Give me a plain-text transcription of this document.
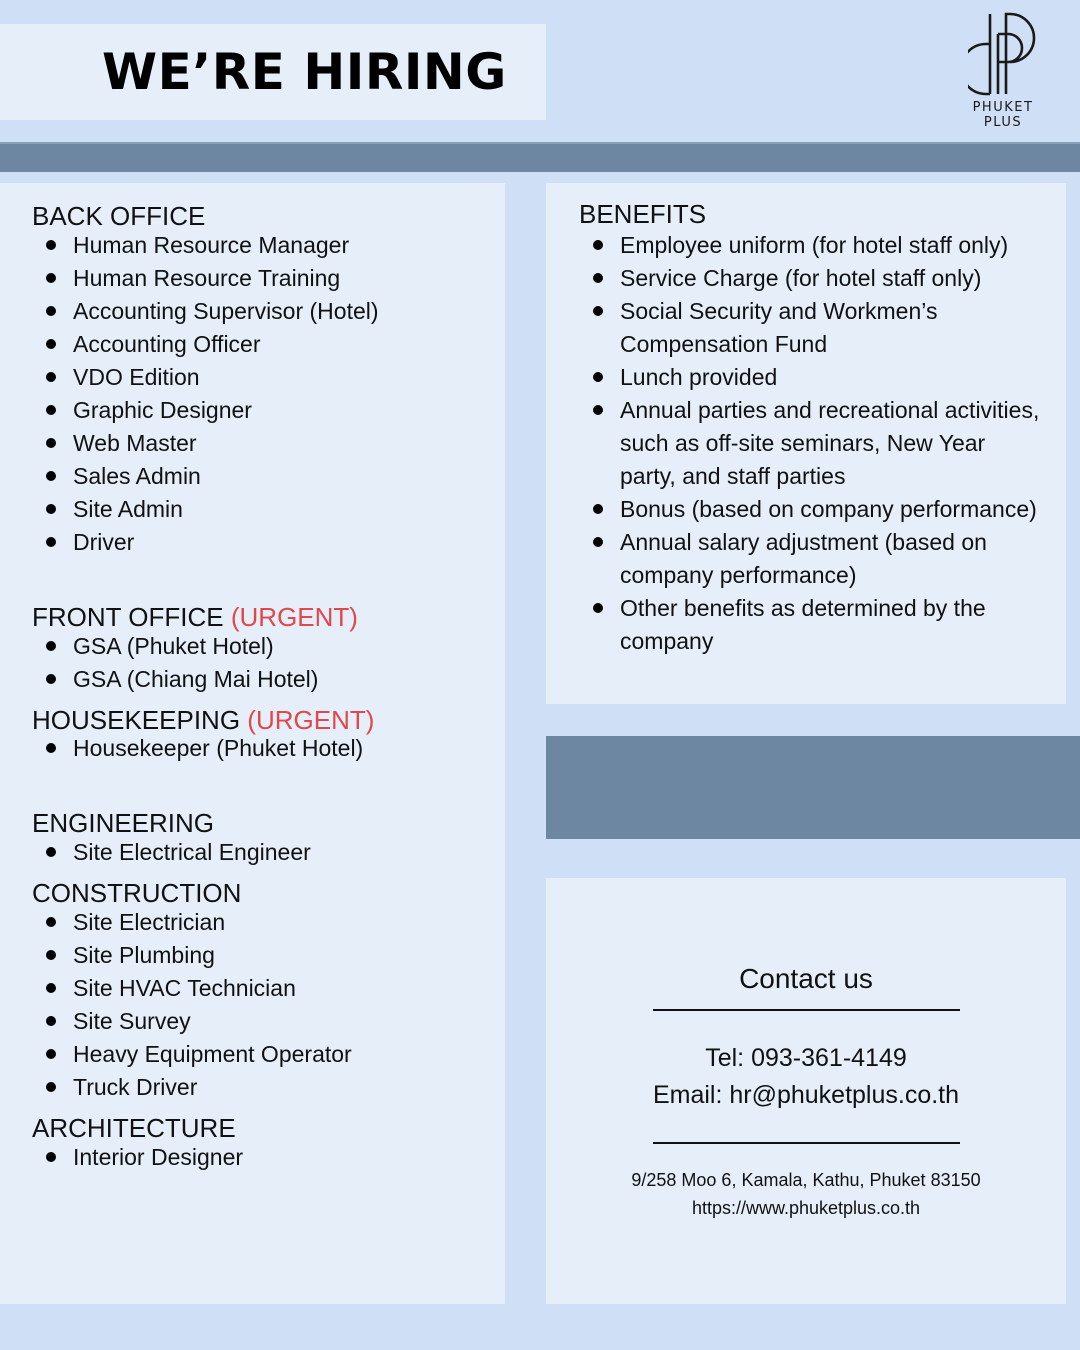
WE’RE HIRING
PHUKET
PLUS
BACK OFFICE
Human Resource Manager
Human Resource Training
Accounting Supervisor (Hotel)
Accounting Officer
VDO Edition
Graphic Designer
Web Master
Sales Admin
Site Admin
Driver
FRONT OFFICE (URGENT)
GSA (Phuket Hotel)
GSA (Chiang Mai Hotel)
HOUSEKEEPING (URGENT)
Housekeeper (Phuket Hotel)
ENGINEERING
Site Electrical Engineer
CONSTRUCTION
Site Electrician
Site Plumbing
Site HVAC Technician
Site Survey
Heavy Equipment Operator
Truck Driver
ARCHITECTURE
Interior Designer
BENEFITS
Employee uniform (for hotel staff only)
Service Charge (for hotel staff only)
Social Security and Workmen’s Compensation Fund
Lunch provided
Annual parties and recreational activities, such as off-site seminars, New Year party, and staff parties
Bonus (based on company performance)
Annual salary adjustment (based on company performance)
Other benefits as determined by the company
Contact us
Tel: 093-361-4149
Email: hr@phuketplus.co.th
9/258 Moo 6, Kamala, Kathu, Phuket 83150
https://www.phuketplus.co.th
